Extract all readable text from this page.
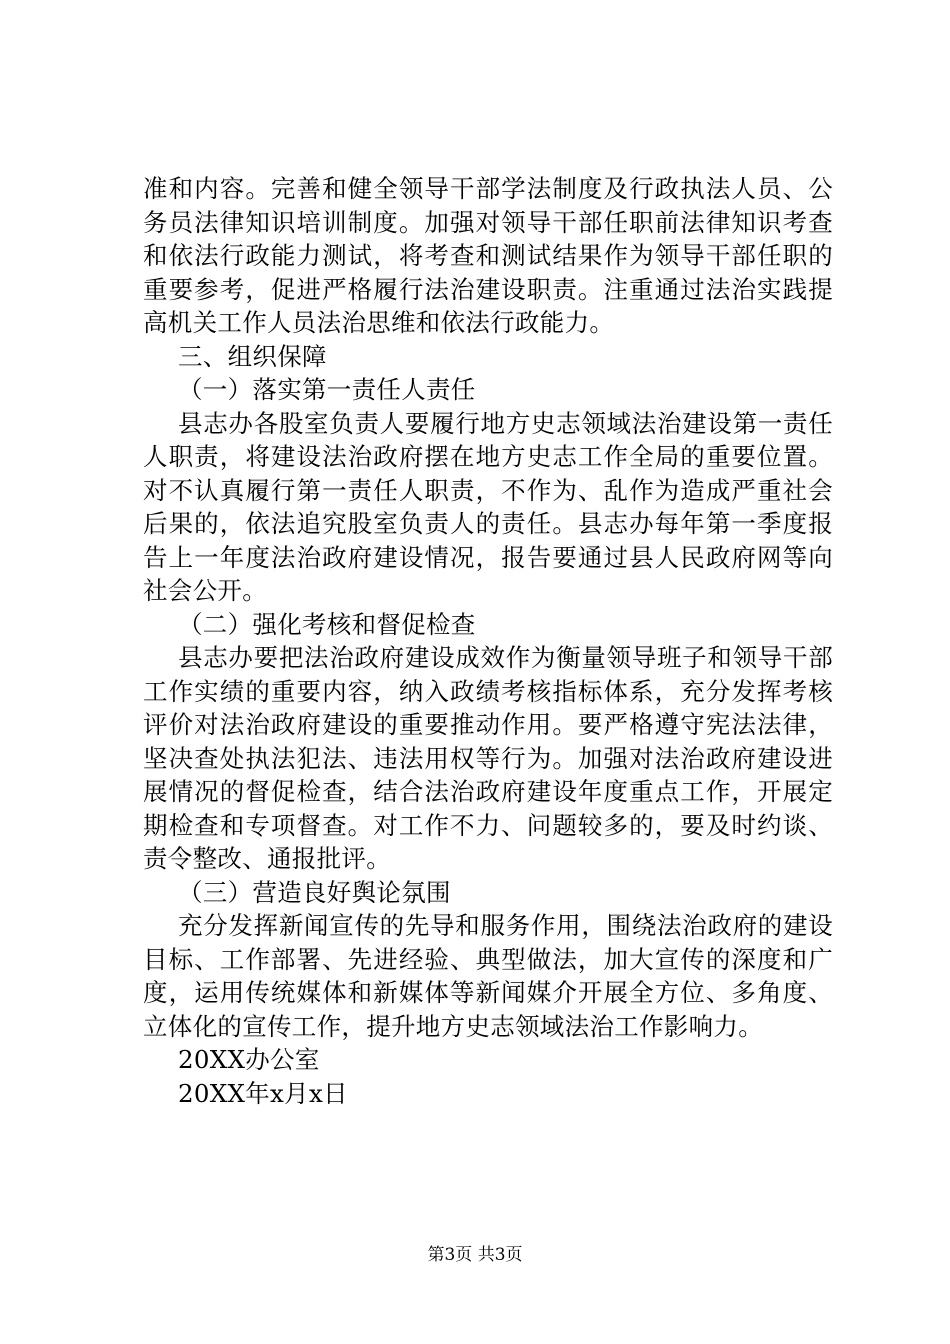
准和内容。完善和健全领导干部学法制度及行政执法人员、公务员法律知识培训制度。加强对领导干部任职前法律知识考查和依法行政能力测试，将考查和测试结果作为领导干部任职的重要参考，促进严格履行法治建设职责。注重通过法治实践提高机关工作人员法治思维和依法行政能力。

三、组织保障

（一）落实第一责任人责任

县志办各股室负责人要履行地方史志领域法治建设第一责任人职责，将建设法治政府摆在地方史志工作全局的重要位置。对不认真履行第一责任人职责，不作为、乱作为造成严重社会后果的，依法追究股室负责人的责任。县志办每年第一季度报告上一年度法治政府建设情况，报告要通过县人民政府网等向社会公开。

（二）强化考核和督促检查

县志办要把法治政府建设成效作为衡量领导班子和领导干部工作实绩的重要内容，纳入政绩考核指标体系，充分发挥考核评价对法治政府建设的重要推动作用。要严格遵守宪法法律，坚决查处执法犯法、违法用权等行为。加强对法治政府建设进展情况的督促检查，结合法治政府建设年度重点工作，开展定期检查和专项督查。对工作不力、问题较多的，要及时约谈、责令整改、通报批评。

（三）营造良好舆论氛围

充分发挥新闻宣传的先导和服务作用，围绕法治政府的建设目标、工作部署、先进经验、典型做法，加大宣传的深度和广度，运用传统媒体和新媒体等新闻媒介开展全方位、多角度、立体化的宣传工作，提升地方史志领域法治工作影响力。

20XX办公室

20XX年x月x日

第3页 共3页
